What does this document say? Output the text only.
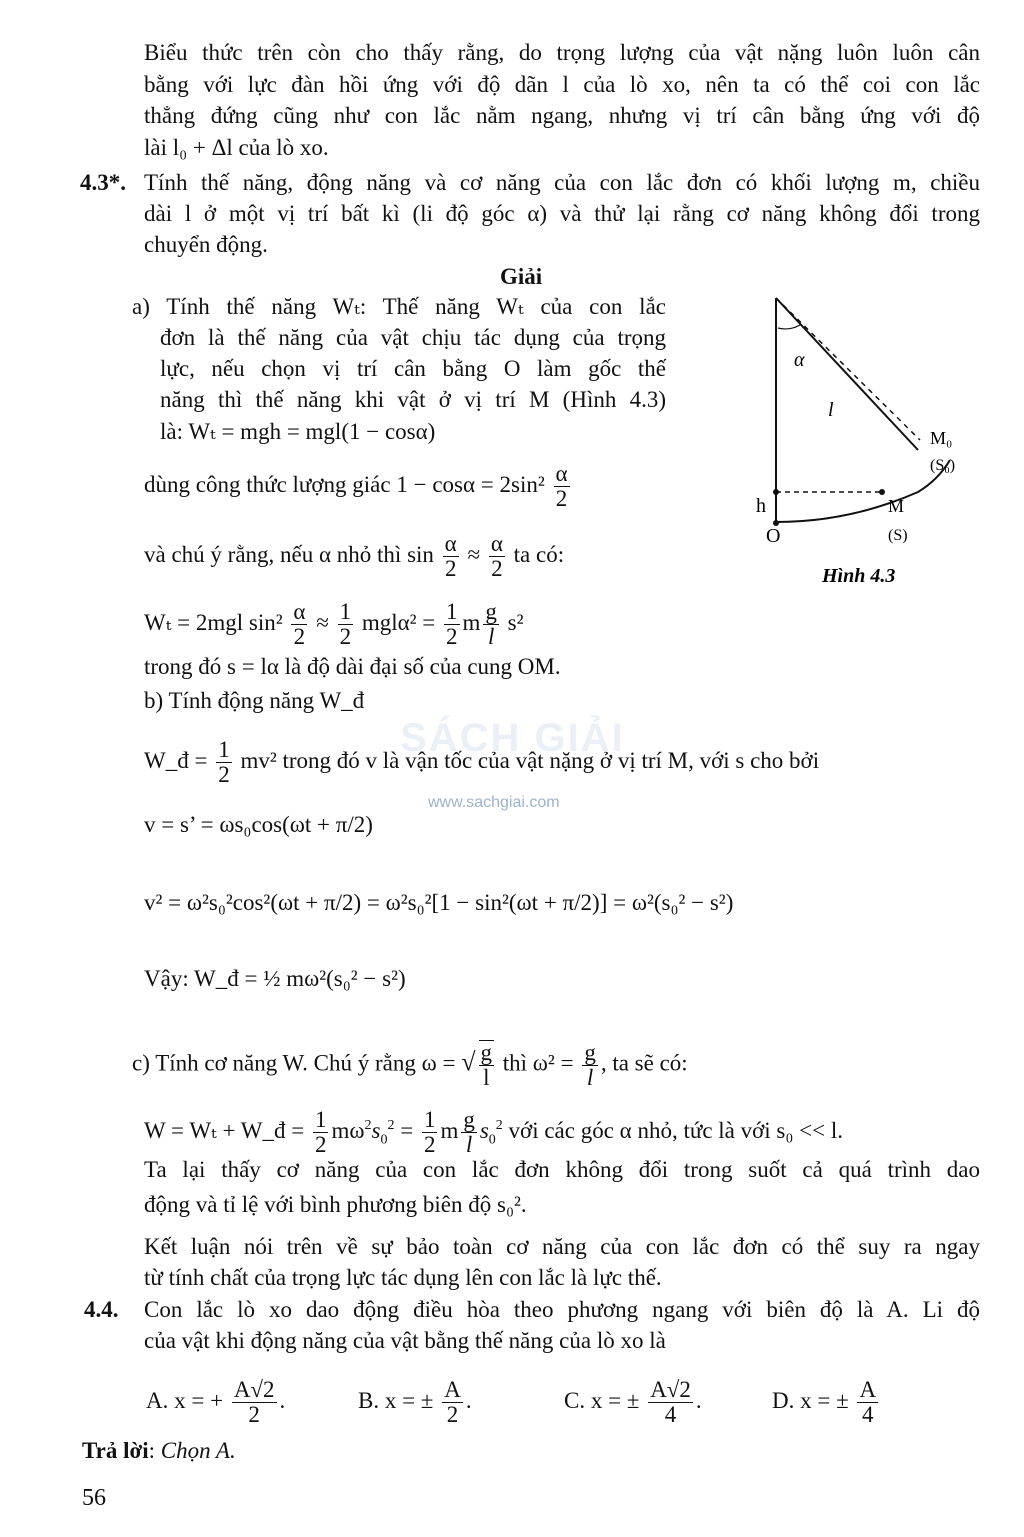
SÁCH GIẢI
www.sachgiai.com
Biểu thức trên còn cho thấy rằng, do trọng lượng của vật nặng luôn luôn cân
bằng với lực đàn hồi ứng với độ dãn l của lò xo, nên ta có thể coi con lắc
thẳng đứng cũng như con lắc nằm ngang, nhưng vị trí cân bằng ứng với độ
lài l₀ + Δl của lò xo.
4.3*. Tính thế năng, động năng và cơ năng của con lắc đơn có khối lượng m, chiều
dài l ở một vị trí bất kì (li độ góc α) và thử lại rằng cơ năng không đổi trong
chuyển động.
Giải
a) Tính thế năng Wₜ: Thế năng Wₜ của con lắc
đơn là thế năng của vật chịu tác dụng của trọng
lực, nếu chọn vị trí cân bằng O làm gốc thế
năng thì thế năng khi vật ở vị trí M (Hình 4.3)
là: Wₜ = mgh = mgl(1 − cosα)
dùng công thức lượng giác $1 - \cos\alpha = 2\sin^2 \frac{\alpha}{2}$
và chú ý rằng, nếu α nhỏ thì $\sin \frac{\alpha}{2} \approx \frac{\alpha}{2}$ ta có:
Wₜ = 2mgl $\sin^2 \frac{\alpha}{2} \approx \frac{1}{2} mgl\alpha^2 = \frac{1}{2}$ m $\frac{g}{l} s^2$
trong đó s = lα là độ dài đại số của cung OM.
b) Tính động năng W_đ
W_đ = $\frac{1}{2} mv^2$ trong đó v là vận tốc của vật nặng ở vị trí M, với s cho bởi
v = s’ = ωs₀cos(ωt + π/2)
v² = ω²s₀²cos²(ωt + π/2) = ω²s₀²[1 − sin²(ωt + π/2)] = ω²(s₀² − s²)
Vậy: W_đ = ½ mω²(s₀² − s²)
c) Tính cơ năng W. Chú ý rằng ω = √ $\frac{g}{l}$ thì $\omega^2 = \frac{g}{l}$ , ta sẽ có:
W = Wₜ + W_đ = $\frac{1}{2} m\omega^2s_0^2 = \frac{1}{2}$ m $\frac{g}{l} s_0^2$ với các góc α nhỏ, tức là với s₀ << l.
Ta lại thấy cơ năng của con lắc đơn không đổi trong suốt cả quá trình dao
động và tỉ lệ với bình phương biên độ s₀².
Kết luận nói trên về sự bảo toàn cơ năng của con lắc đơn có thể suy ra ngay
từ tính chất của trọng lực tác dụng lên con lắc là lực thế.
4.4. Con lắc lò xo dao động điều hòa theo phương ngang với biên độ là A. Li độ
của vật khi động năng của vật bằng thế năng của lò xo là
A. x = + $\frac{A√2}{2}$ .	B. x = ± $\frac{A}{2}$ .	C. x = ± $\frac{A√2}{4}$ .	D. x = ± $\frac{A}{4}$
Trả lời: Chọn A.
56
α
l
M₀
(S₀)
M
(S)
h
O
Hình 4.3
